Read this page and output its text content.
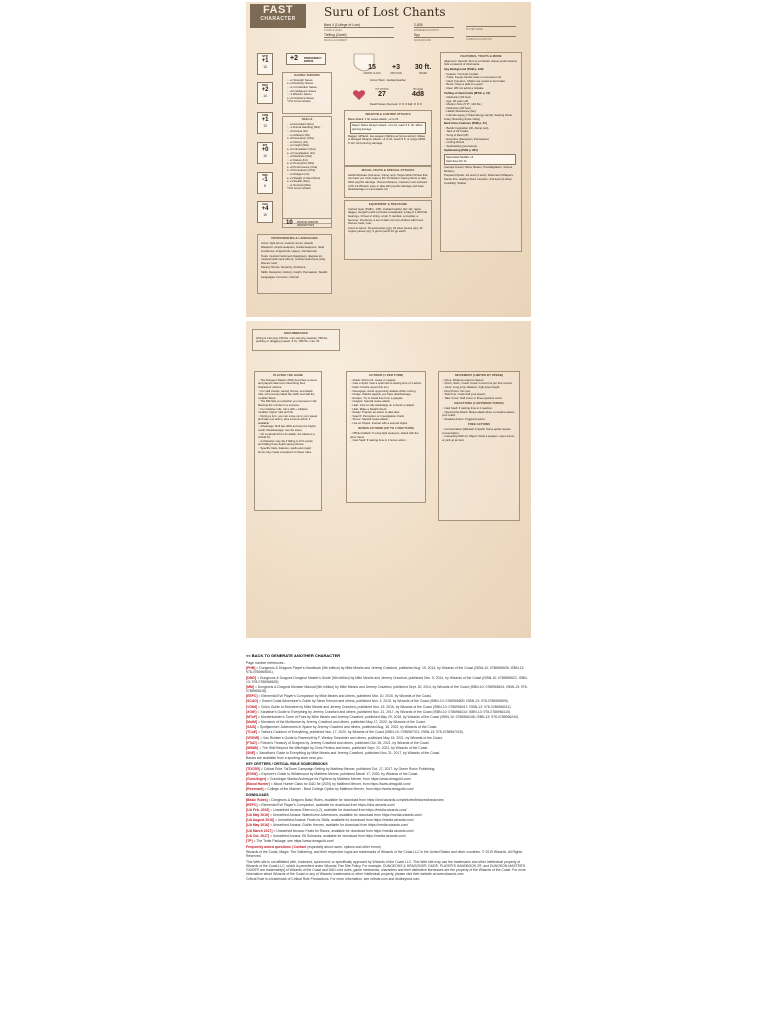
FAST
CHARACTER	Suru of Lost Chants
Bard 4 (College of Lore)
CLASS & LEVEL
2,835
EXPERIENCE POINTS	PLAYER NAME
Tiefling (Zariel)
RACE & ALIGNMENT
Spy
BACKGROUND	CAMPAIGN & FACTION
STR
+1
13
DEX
+2
14
CON
+1
13
INT
+0
10
WIS
-1
8
CHA
+4
19
+2 PROFICIENCY BONUS
SAVING THROWS
○ +1 Strength Saves
● +4 Dexterity Saves
○ +1 Constitution Saves
○ +0 Intelligence Saves
○ -1 Wisdom Saves
● +6 Charisma Saves
* Prof. bonus included
SKILLS
○ +2 Acrobatics (Dex)
○ -1 Animal Handling (Wis)
○ +0 Arcana (Int)
○ +1 Athletics (Str)
● +8 Deception (Cha)
○ +1 History (Int)
○ +1 Insight (Wis)
● +6 Intimidation (Cha)
● +2 Investigation (Int)
○ +0 Medicine (Wis)
○ +1 Nature (Int)
● +1 Perception (Wis)
● +6 Performance (Cha)
● +5 Persuasion (Cha)
○ +1 Religion (Int)
● +4 Sleight of Hand (Dex)
● +4 Stealth (Dex)
○ +1 Survival (Wis)
* Prof. bonus included
10 PASSIVE WISDOM (PERCEPTION)
PROFICIENCIES & LANGUAGES

Armor: light armor, medium armor, shields

Weapons: simple weapons, martial weapons, hand crossbows, longswords, rapiers, shortswords

Tools: musical instrument (bagpipes), disguise kit, musical instrument (drum), musical instrument (viol), thieves' tools

Saving Throws: Dexterity, Charisma

Skills: Deception, History, Insight, Persuasion, Stealth

Languages: Common, Infernal

15
ARMOR CLASS
+3
INITIATIVE
30 ft.
SPEED
Armor Worn: studded leather
HIT POINTS
27
HIT DICE
4d8
Death Saves Success: O O O Fail: O O O
WEAPON & CANTRIP ATTACKS

Basic Attack: 1 hit melee attack, +2 to hit

Rapier: Melee Weapon Attack: +4 to hit, reach 5 ft. Hit: 1d8+2 piercing damage.

Dagger (offhand, two-weapon fighting as bonus action): Melee or Ranged Weapon Attack: +4 to hit, reach 5 ft. or range 20/60 ft. Hit: 1d4 piercing damage.

MAGIC, FEATS & SPECIAL ATTACKS
Hellish Rebuke (2nd-level, 1/long rest): Target within 60 feet that can hear you must make a DC 14 Wisdom saving throw or take 3d10 psychic damage. Vicious Mockery: creature must succeed a DC 14 Wisdom save or take 2d4 psychic damage and have disadvantage on next attack roll.
EQUIPMENT & TREASURE

Carried Gear (PHB p. 125): studded leather (AC 12), rapier, dagger, burglar's pack (includes a backpack, a bag of 1,000 ball bearings, 10 feet of string, a bell, 5 candles, a crowbar, a hammer, 10 pitons), a set of dark common clothes with hood, thieves' tools, Lute.

Coins & Gems: 15 gold pieces (gp); 34 silver pieces (sp); 12 copper pieces (cp); 4 gems (worth 10 gp each)

FEATURES, TRAITS & MORE

Alignment: Neutral. Suru is a trickster whose performances hide a network of informants.

Spy Background (PHB p. 129)

○ Feature: Criminal Contact
○ Traits: Keeps careful notes on everyone met
○ Ideal: Freedom. Chains are meant to be broken.
○ Bond: Owes a debt to a guild
○ Flaw: Will not admit a mistake

Tiefling of Zariel traits (MToF p. 21)

○ Darkvision (60 feet)
○ Age: 18 years old
○ Medium Size (5' 8", 140 lbs.)
○ Darkvision (60 feet)
○ Hellish Resistance (fire)
○ Infernal Legacy (Thaumaturgy cantrip; Searing Smite 1/day; Branding Smite 1/day)

Bard Class Features (PHB p. 51)

○ Bardic Inspiration (d6, 4/long rest)
○ Jack of All Trades
○ Song of Rest (d6)
○ Expertise (Deception, Persuasion)
○ Cutting Words
○ Spellcasting (see below)

Spellcasting (PHB p. 201)

Spell Attack Modifier +6
Spell Save DC 14

Cantrips Known: Minor Illusion, Prestidigitation, Vicious Mockery

Prepared Spells: 1st level (4 slots): Dissonant Whispers, Faerie Fire, Healing Word, Heroism; 2nd level (3 slots): Invisibility, Shatter

ENCUMBRANCE
Lifting & Carrying: 195 lbs. max carrying capacity; 390 lbs. pushing or dragging (speed -5 ft.); 390 lbs. max. lift.
PLAYING THE GAME
○ The Dungeon Master (DM) describes a scene and players take turns describing their characters' actions.
○ For skill checks, saving throws, and attack rolls, roll a twenty-sided die (d20) and add the modifier listed.
○ The DM tells you whether you succeed or fail. Meeting the number is a success.
○ For initiative rolls, roll a d20 + initiative modifier; higher rolls act first.
○ During a turn, you can move up to your speed and take one action, plus a bonus action if available.
○ Advantage: Roll two d20s and use the higher result. Disadvantage: use the lower.
○ On a natural 20 for an attack, the attack is a critical hit.
○ A character may die if falling to 0 hit points and failing three death saving throws.
○ Specific traits, features, spells and magic items may create exceptions to these rules.
ACTIONS (1 PER TURN)
○ Attack: Roll to hit, melee or ranged.
○ Cast a Spell: Cast a spell with a casting time of 1 action.
○ Dash: Double speed this turn.
○ Disengage: Avoid opportunity attacks while moving.
○ Dodge: Attacks against you have disadvantage.
○ Escape: Try to break free from a grapple.
○ Grapple: Special melee attack.
○ Help: Give an ally advantage on a check or attack.
○ Hide: Make a Stealth check.
○ Ready: Prepare an action to take later.
○ Search: Perception or Investigation check.
○ Shove: Special melee attack.
○ Use an Object: Interact with a second object.
BONUS ACTIONS (UP TO 1 PER TURN)
○ Offhand Attack: If using light weapons, attack with the other hand.
○ Cast Spell: If casting time is 1 bonus action.
MOVEMENT (LIMITED BY SPEED)
○ Move: Distance equal to Speed
○ Climb, Swim, Crawl: Costs 1 extra foot per foot moved.
○ Jump: Long jump distance, high jump height.
○ Drop Prone: No cost.
○ Stand Up: Costs half your speed.
○ Take Cover: Half cover or three-quarters cover.
REACTIONS (1 BETWEEN TURNS)
○ Cast Spell: If casting time is 1 reaction.
○ Opportunity Attack: Melee attack when a creature leaves your reach.
○ Readied Action: Triggered action.
FREE ACTIONS
○ Concentration (Maintain A Spell): Some spells require concentration.
○ Interacting With An Object: Draw a weapon, open a door, or pick up an item.
<< BACK TO GENERATE ANOTHER CHARACTER
Page number references...
[PHB] = Dungeons & Dragons Player's Handbook (5th edition) by Mike Mearls and Jeremy Crawford, published Aug. 19, 2014, by Wizards of the Coast (ISBN-10: 0786965606; ISBN-13: 978-0786965601).
[DMG] = Dungeons & Dragons Dungeon Master's Guide (5th edition) by Mike Mearls and Jeremy Crawford, published Dec. 9, 2014, by Wizards of the Coast (ISBN-10: 0786965622; ISBN-13: 978-0786965625).
[MM] = Dungeons & Dragons Monster Manual (5th edition) by Mike Mearls and Jeremy Crawford, published Sept. 30, 2014, by Wizards of the Coast (ISBN-10: 0786965614; ISBN-13: 978-0786965618).
[EEPC] = Elemental Evil Player's Companion by Mike Mearls and others, published Mar. 10, 2015, by Wizards of the Coast.
[SCAG] = Sword Coast Adventurer's Guide by Steve Kenson and others, published Nov. 3, 2015, by Wizards of the Coast (ISBN-10: 0786965800; ISBN-13: 978-0786965809).
[VGtM] = Volo's Guide to Monsters by Mike Mearls and Jeremy Crawford, published Nov. 15, 2016, by Wizards of the Coast (ISBN-10: 0786966017; ISBN-13: 978-0786966011).
[XGtE] = Xanathar's Guide to Everything by Jeremy Crawford and others, published Nov. 21, 2017, by Wizards of the Coast (ISBN-10: 0786966114; ISBN-13: 978-0786966110).
[MToF] = Mordenkainen's Tome of Foes by Mike Mearls and Jeremy Crawford, published May 29, 2018, by Wizards of the Coast (ISBN-10: 0786966246; ISBN-13: 978-0786966240).
[MotM] = Monsters of the Multiverse by Jeremy Crawford and others, published May 17, 2022, by Wizards of the Coast.
[SAiS] = Spelljammer: Adventures in Space by Jeremy Crawford and others, published Aug. 16, 2022, by Wizards of the Coast.
[TCoE] = Tasha's Cauldron of Everything, published Nov. 17, 2020, by Wizards of the Coast (ISBN-10: 0786967021; ISBN-13: 978-0786967025).
[VRGtR] = Van Richten's Guide to Ravenloft by F. Wesley Schneider and others, published May 18, 2021, by Wizards of the Coast.
[FToD] = Fizban's Treasury of Dragons by Jeremy Crawford and others, published Oct. 26, 2021, by Wizards of the Coast.
[WBtW] = The Wild Beyond the Witchlight by Chris Perkins and team, published Sept. 21, 2021, by Wizards of the Coast.
[SNE] = Xanathar's Guide to Everything by Mike Mearls and Jeremy Crawford, published Nov. 21, 2017, by Wizards of the Coast.
Basics are available from a sporting store near you.
KEY CRITTERS / CRITICAL ROLE SOURCEBOOKS
[TDCSR] = Critical Role: Tal'Dorei Campaign Setting by Matthew Mercer, published Oct. 17, 2017, by Green Ronin Publishing.
[EGtW] = Explorer's Guide to Wildemount by Matthew Mercer, published March 17, 2020, by Wizards of the Coast.
[Gunslinger] = Gunslinger Martial Archetype for Fighters by Matthew Mercer, from https://www.dmsguild.com/
[Blood Hunter] = Blood Hunter Class for D&D 5e (2020) by Matthew Mercer, from https://www.dmsguild.com/
[Revenant] = College of the Mariner - Bard College Option by Matthew Mercer, from https://www.dmsguild.com/
DOWNLOADS
[Basic Rules] = Dungeons & Dragons Basic Rules, available for download from https://dnd.wizards.com/articles/features/basicrules
[EEPC] = Elemental Evil Player's Companion, available for download from https://dnd.wizards.com/
[UA Feb. 2015] = Unearthed Arcana: Eberron (v.2), available for download from https://media.wizards.com/
[UA May 2016] = Unearthed Arcana: Waterborne Adventures, available for download from https://media.wizards.com/
[UA August 2016] = Unearthed Arcana: Feats for Skills, available for download from https://media.wizards.com/
[UA May 2016] = Unearthed Arcana: Gothic Heroes, available for download from https://media.wizards.com/
[UA March 2017] = Unearthed Arcana: Feats for Races, available for download from https://media.wizards.com/
[UA Oct. 2017] = Unearthed Arcana: Elf Subraces, available for download from https://media.wizards.com/
[TP] = The Tortle Package, see https://www.dmsguild.com/
Frequently asked questions | Contact (especially about races, options and other errors)
Wizards of the Coast, Magic: The Gathering, and their respective logos are trademarks of Wizards of the Coast LLC in the United States and other countries. © 2019 Wizards. All Rights Reserved.
This Web site is not affiliated with, endorsed, sponsored, or specifically approved by Wizards of the Coast LLC. This Web site may use the trademarks and other intellectual property of Wizards of the Coast LLC, which is permitted under Wizards' Fan Site Policy. For example, DUNGEONS & DRAGONS®, D&D®, PLAYER'S HANDBOOK 2®, and DUNGEON MASTER'S GUIDE® are trademark[s] of Wizards of the Coast and D&D core rules, game mechanics, characters and their distinctive likenesses are the property of the Wizards of the Coast. For more information about Wizards of the Coast or any of Wizards' trademarks or other intellectual property, please visit their website at www.wizards.com.
Critical Role is a trademark of Critical Role Productions. For more information, see critrole.com and dndbeyond.com.
